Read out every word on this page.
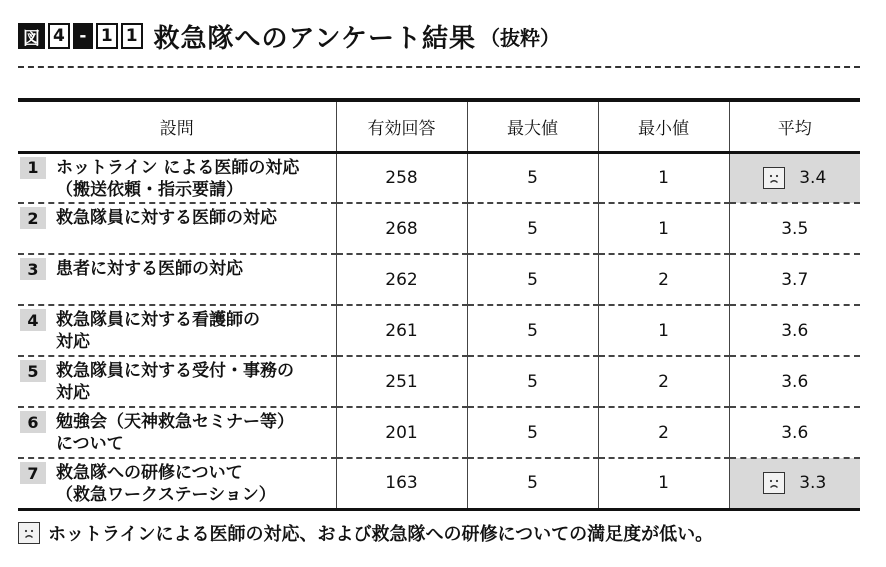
図 4 - 1 1 救急隊へのアンケート結果 （抜粋）
設問	有効回答	最大値	最小値	平均

1 ホットライン による医師の対応
（搬送依頼・指示要請）	258	5	1	3.4

2 救急隊員に対する医師の対応	268	5	1	3.5

3 患者に対する医師の対応	262	5	2	3.7

4 救急隊員に対する看護師の
対応	261	5	1	3.6

5 救急隊員に対する受付・事務の
対応	251	5	2	3.6

6 勉強会（天神救急セミナー等）
について	201	5	2	3.6

7 救急隊への研修について
（救急ワークステーション）	163	5	1	3.3
ホットラインによる医師の対応、および救急隊への研修についての満足度が低い。
